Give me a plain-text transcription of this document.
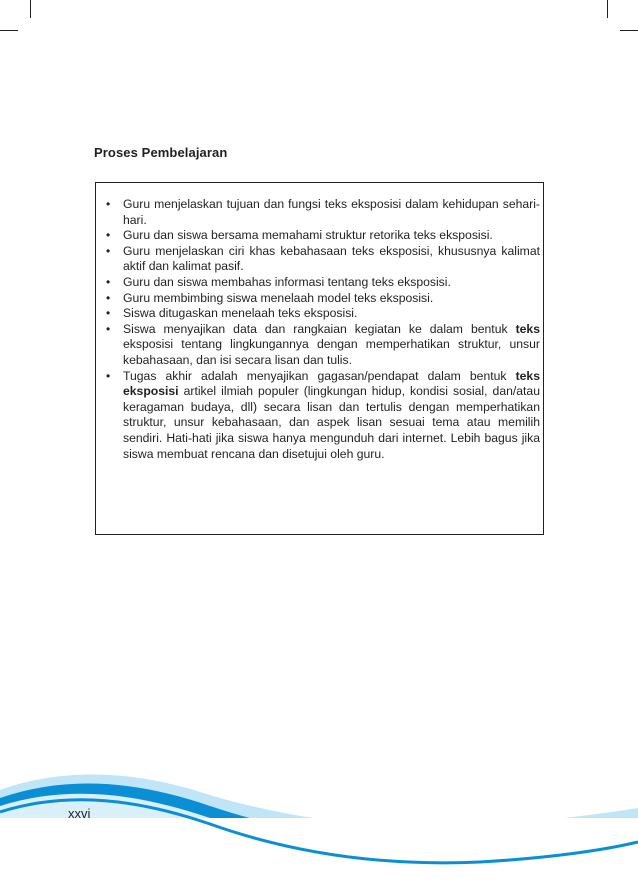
Proses Pembelajaran
• Guru menjelaskan tujuan dan fungsi teks eksposisi dalam kehidupan sehari-hari.
• Guru dan siswa bersama memahami struktur retorika teks eksposisi.
• Guru menjelaskan ciri khas kebahasaan teks eksposisi, khususnya kalimat aktif dan kalimat pasif.
• Guru dan siswa membahas informasi tentang teks eksposisi.
• Guru membimbing siswa menelaah model teks eksposisi.
• Siswa ditugaskan menelaah teks eksposisi.
• Siswa menyajikan data dan rangkaian kegiatan ke dalam bentuk teks eksposisi tentang lingkungannya dengan memperhatikan struktur, unsur kebahasaan, dan isi secara lisan dan tulis.
• Tugas akhir adalah menyajikan gagasan/pendapat dalam bentuk teks eksposisi artikel ilmiah populer (lingkungan hidup, kondisi sosial, dan/atau keragaman budaya, dll) secara lisan dan tertulis dengan memperhatikan struktur, unsur kebahasaan, dan aspek lisan sesuai tema atau memilih sendiri. Hati-hati jika siswa hanya mengunduh dari internet. Lebih bagus jika siswa membuat rencana dan disetujui oleh guru.
xxvi
